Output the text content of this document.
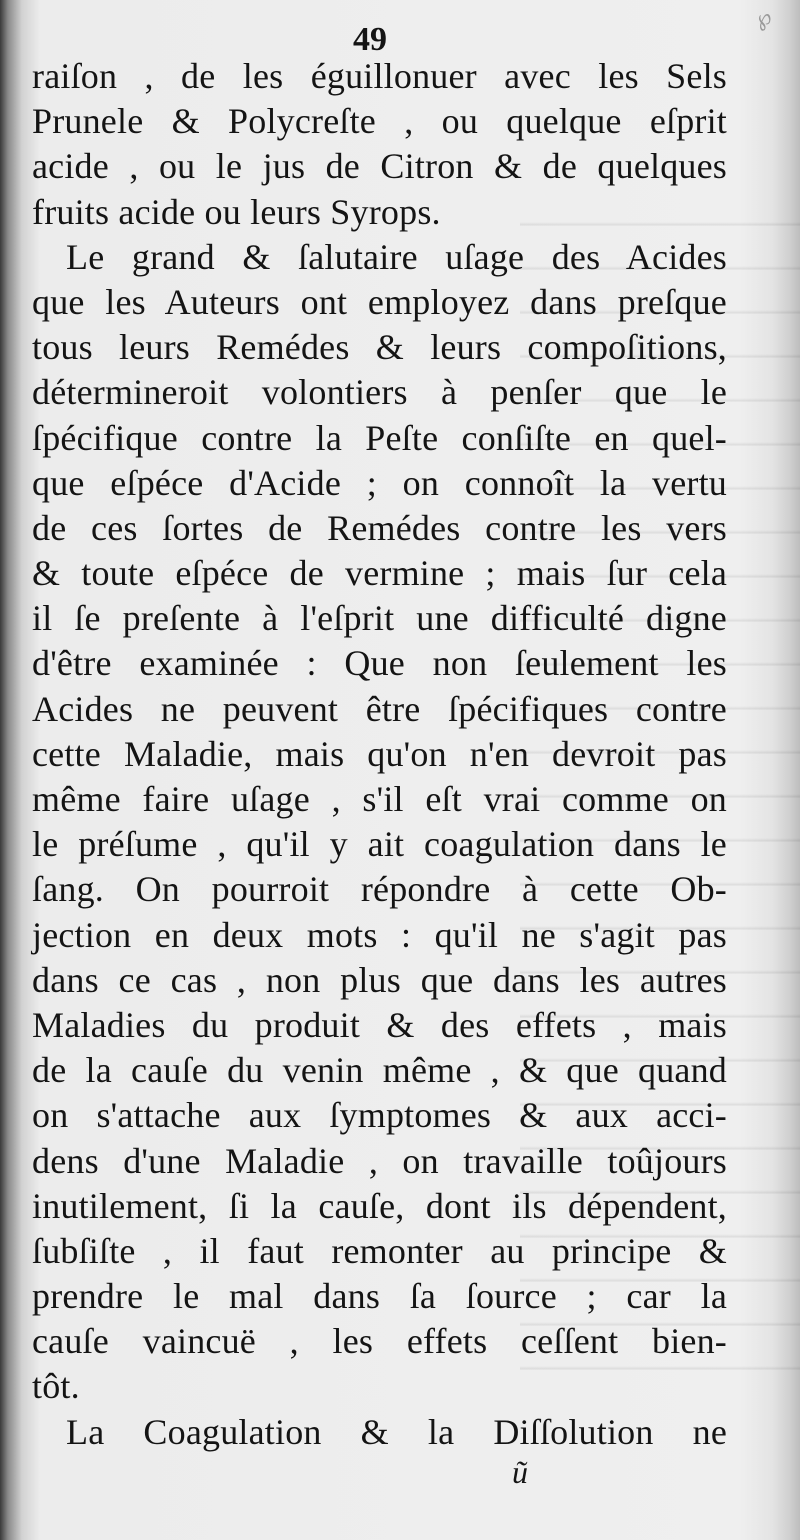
℘
49
raiſon , de les éguillonuer avec les Sels
Prunele & Polycreſte , ou quelque eſprit
acide , ou le jus de Citron & de quelques
fruits acide ou leurs Syrops.
Le grand & ſalutaire uſage des Acides
que les Auteurs ont employez dans preſque
tous leurs Remédes & leurs compoſitions,
détermineroit volontiers à penſer que le
ſpécifique contre la Peſte conſiſte en quel-
que eſpéce d'Acide ; on connoît la vertu
de ces ſortes de Remédes contre les vers
& toute eſpéce de vermine ; mais ſur cela
il ſe preſente à l'eſprit une difficulté digne
d'être examinée : Que non ſeulement les
Acides ne peuvent être ſpécifiques contre
cette Maladie, mais qu'on n'en devroit pas
même faire uſage , s'il eſt vrai comme on
le préſume , qu'il y ait coagulation dans le
ſang. On pourroit répondre à cette Ob-
jection en deux mots : qu'il ne s'agit pas
dans ce cas , non plus que dans les autres
Maladies du produit & des effets , mais
de la cauſe du venin même , & que quand
on s'attache aux ſymptomes & aux acci-
dens d'une Maladie , on travaille toûjours
inutilement, ſi la cauſe, dont ils dépendent,
ſubſiſte , il faut remonter au principe &
prendre le mal dans ſa ſource ; car la
cauſe vaincuë , les effets ceſſent bien-
tôt.
La Coagulation & la Diſſolution ne
ũ
